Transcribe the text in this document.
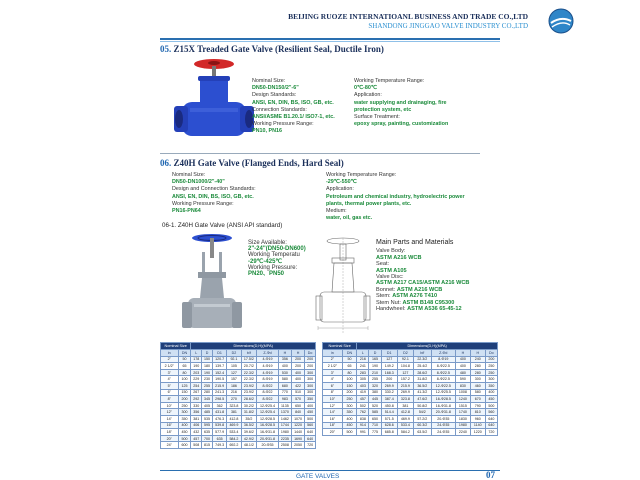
BEIJING RUOZE INTERNATIOANL BUSINESS AND TRADE CO.,LTD
SHANDONG JINGGAO VALVE INDUSTRY CO.,LTD
05. Z15X Treaded Gate Valve (Resilient Seal, Ductile Iron)
Nominal Size:
DN50-DN150/2"-6"
Design Standards:
ANSI, EN, DIN, BS, ISO, GB, etc.
Connection Standards:
ANSI/ASME B1.20.1/ ISO7-1, etc.
Working Pressure Range:
PN10, PN16
Working Temperature Range:
0℃-80℃
Application:
water supplying and drainaging, fire protection system, etc
Surface Treatment:
epoxy spray, painting, customization
06. Z40H Gate Valve (Flanged Ends, Hard Seal)
Nominal Size:
DN50-DN1000/2"-40"
Design and Connection Standards:
ANSI, EN, DIN, BS, ISO, GB, etc.
Working Pressure Range:
PN16-PN64
Working Temperature Range:
-29℃-550℃
Application:
Petroleum and chemical industry, hydroelectric power plants, thermal power plants, etc.
Medium:
water, oil, gas etc.
06-1. Z40H Gate Valve (ANSI API standard)
Size Available:
2"-24"(DN50-DN600)
Working Temperatu
-29℃-425℃
Working Pressure:
PN20、PN50
Main Parts and Materials
Valve Body:
ASTM A216 WCB
Seat:
ASTM A105
Valve Disc:
ASTM A217 CA15/ASTM A216 WCB
Bonnet: ASTM A216 WCB
Stem: ASTM A276 T410
Stem Nut: ASTM B148 C95300
Handwheel: ASTM A536 65-45-12
Nominal Size		Dimensions(D,H)(MPA)								
in	DN	L	D	D1	D2	b/f	Z-Φd	H	H	Do
2"	50	178	150	120.7	92.1	17.5/2	4-Φ19	356	200	200
2 1/2"	65	190	180	139.7	105	20.7/2	4-Φ19	400	200	200
3"	80	203	190	152.4	127	22.3/2	4-Φ19	530	400	300
4"	100	229	230	190.5	157	22.3/2	8-Φ19	580	400	300
5"	125	254	255	215.9	186	23.9/2	8-Φ22	680	422	300
6"	150	267	280	241.3	216	23.9/2	8-Φ22	770	510	300
8"	200	292	345	298.5	270	28.6/2	8-Φ22	983	570	350
10"	250	330	405	362	323.8	30.2/2	12-Φ25.4	1135	650	400
12"	300	356	485	431.8	381	31.8/2	12-Φ25.4	1370	840	450
14"	350	381	535	476.3	412.8	35/2	12-Φ28.5	1462	1070	500
16"	400	406	595	539.8	469.9	36.5/2	16-Φ28.5	1744	1220	560
18"	450	432	635	577.9	533.4	39.6/2	16-Φ31.8	1980	1440	640
20"	500	457	700	635	584.2	42.9/2	20-Φ31.8	2235	1690	640
24"	600	508	815	749.3	692.2	48.1/2	20-Φ35	2508	2050	720
Nominal Size		Dimensions(D,H)(MPA)								
in	DN	L	D	D1	D2	b/f	Z-Φd	H	H	Do
2"	50	216	165	127	92.1	22.3/2	8-Φ19	400	240	200
2 1/2"	65	241	190	149.2	104.8	25.4/2	8-Φ22.5	400	280	250
3"	80	283	210	168.3	127	28.6/2	8-Φ22.5	480	280	250
4"	100	305	255	200	157.2	31.8/2	8-Φ22.5	590	300	300
6"	150	403	320	269.9	215.9	36.5/2	12-Φ22.5	830	460	350
8"	200	419	380	330.2	269.9	41.3/2	12-Φ25.5	1008	580	400
10"	250	457	445	387.4	323.8	47.6/2	16-Φ28.5	1240	670	450
12"	300	502	520	450.8	381	50.8/2	16-Φ31.8	1515	790	500
14"	350	762	585	514.4	412.8	54/2	20-Φ31.8	1740	810	560
16"	400	838	650	571.5	469.9	57.2/2	20-Φ35	1830	960	640
18"	450	914	710	628.6	533.4	60.3/2	24-Φ35	1980	1140	640
20"	500	991	775	685.8	584.2	63.5/2	24-Φ35	2240	1220	720
GATE VALVES	07
